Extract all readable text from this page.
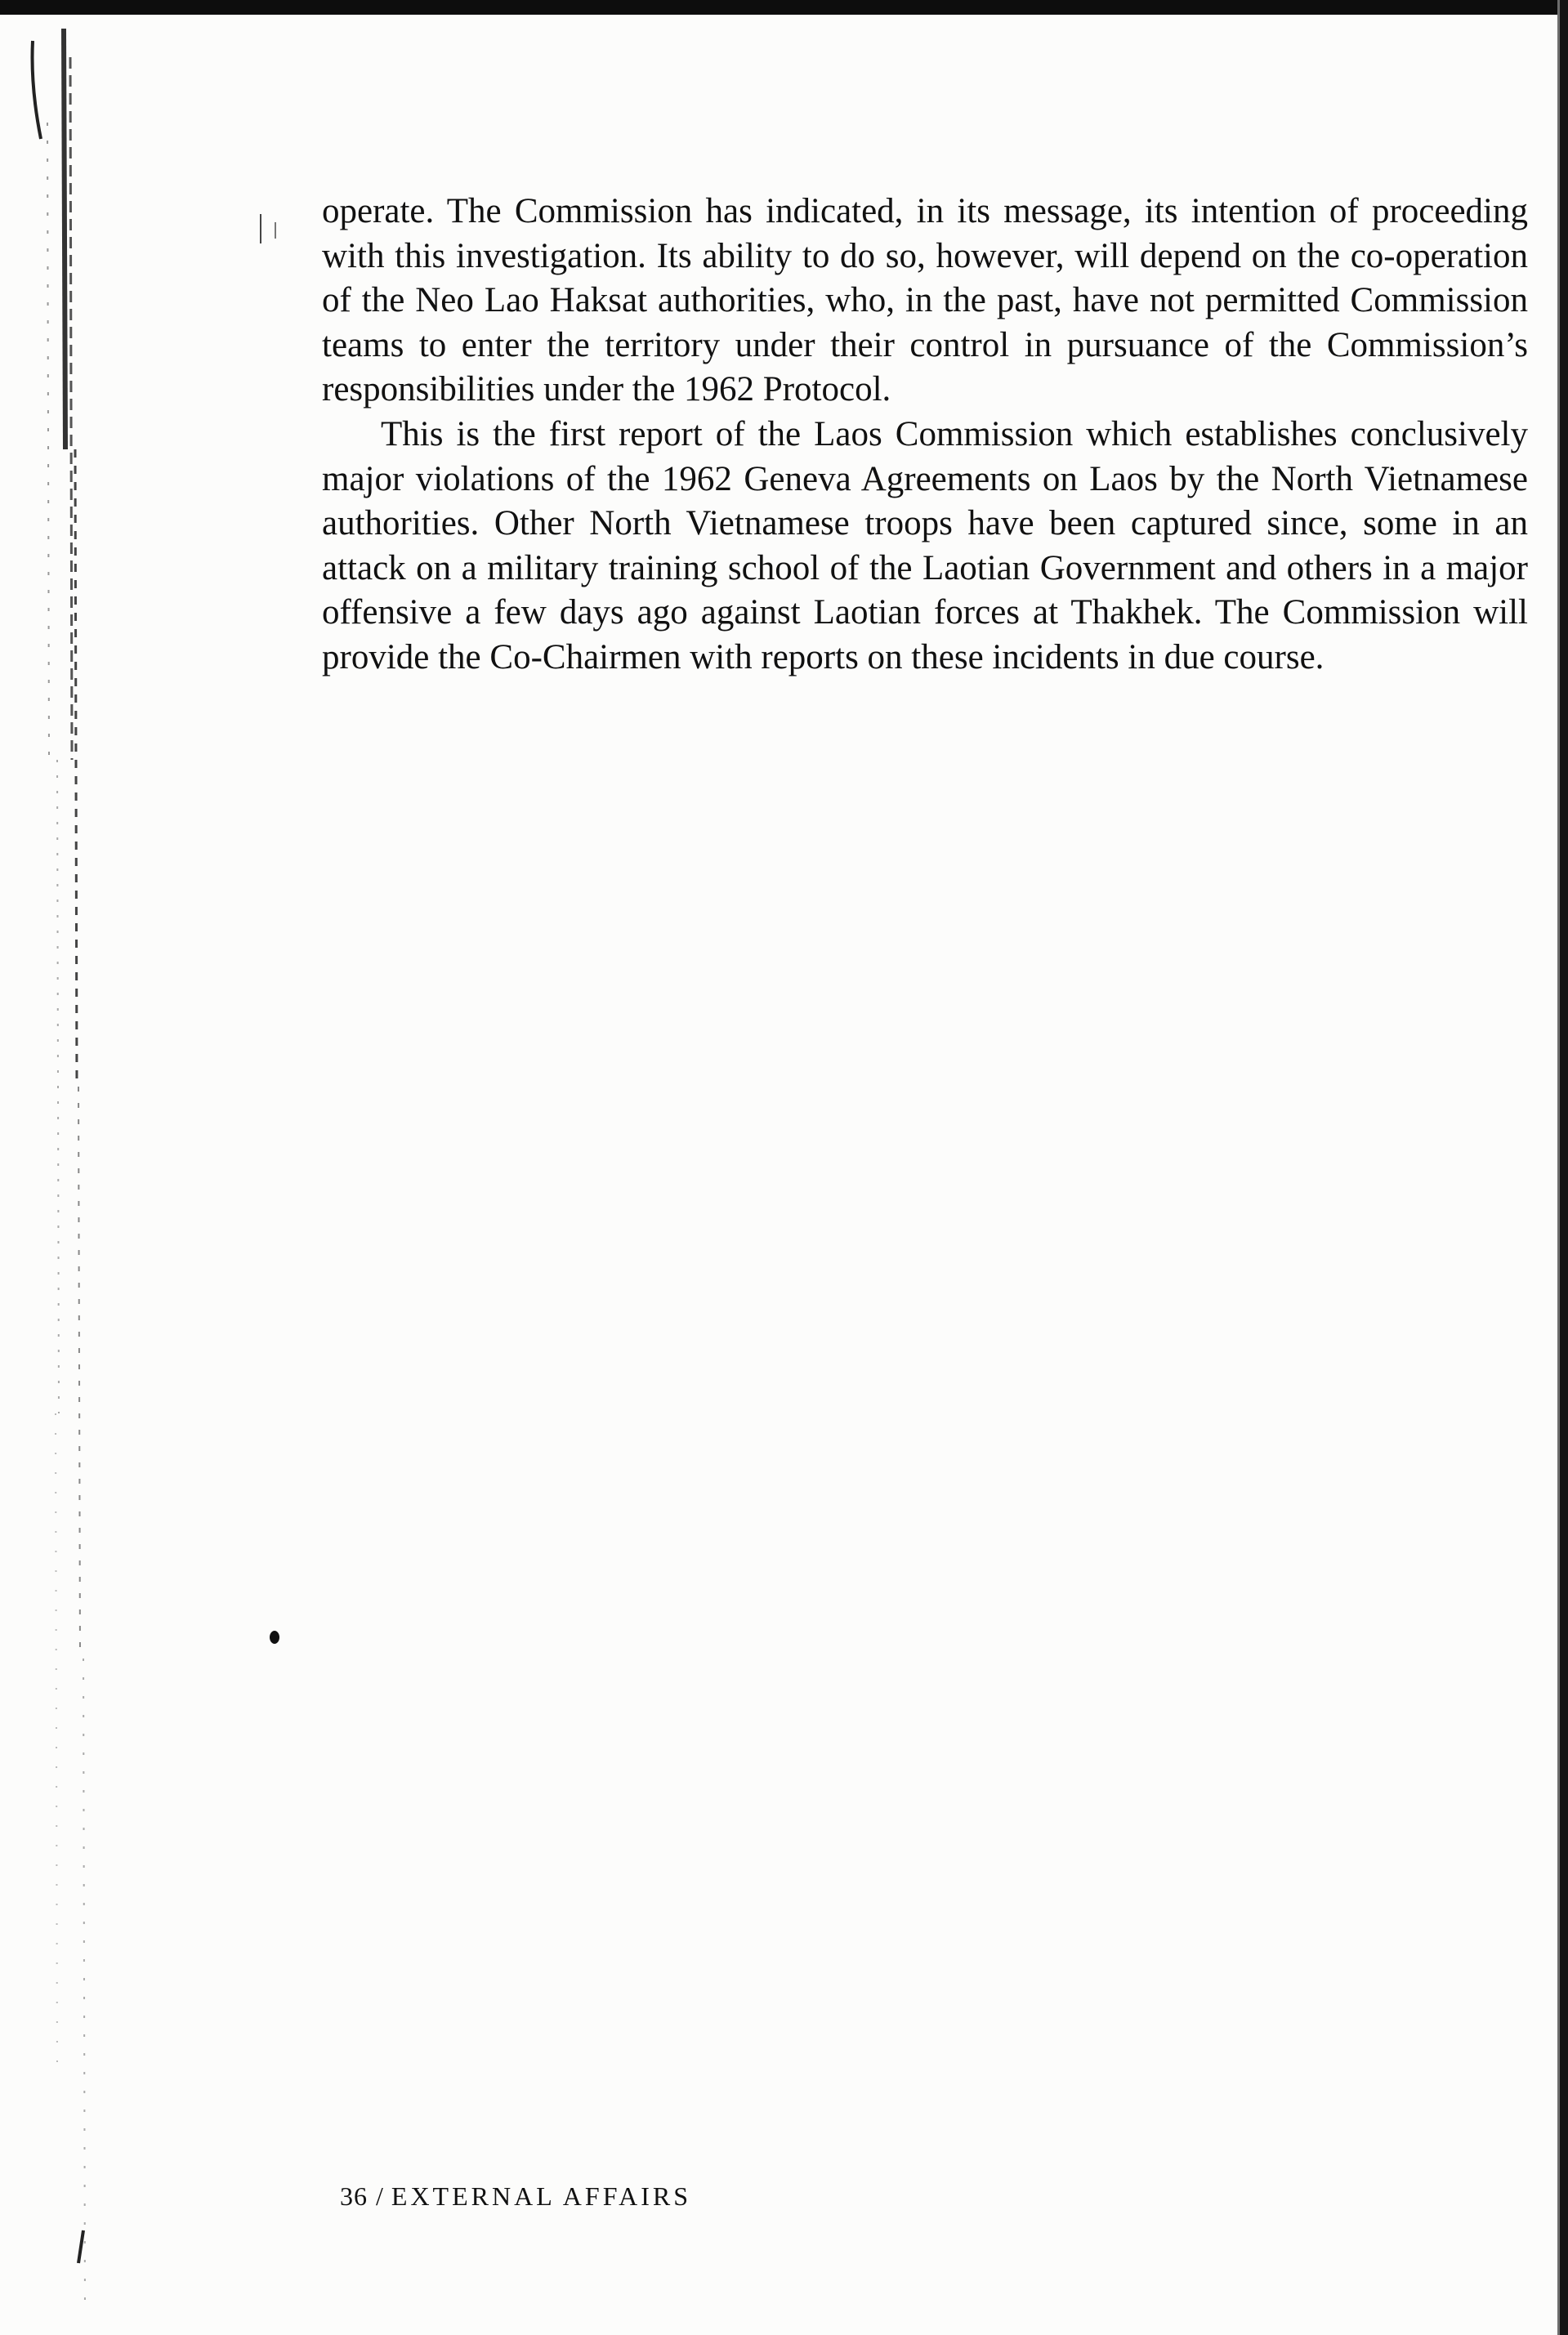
operate. The Commission has indicated, in its message, its intention of proceeding with this investigation. Its ability to do so, however, will depend on the co-operation of the Neo Lao Haksat authorities, who, in the past, have not permitted Commission teams to enter the territory under their control in pursuance of the Commission’s responsibilities under the 1962 Protocol.

This is the first report of the Laos Commission which establishes conclusively major violations of the 1962 Geneva Agreements on Laos by the North Vietnamese authorities. Other North Vietnamese troops have been captured since, some in an attack on a military training school of the Laotian Government and others in a major offensive a few days ago against Laotian forces at Thakhek. The Commission will provide the Co-Chairmen with reports on these incidents in due course.

36 / EXTERNAL AFFAIRS
